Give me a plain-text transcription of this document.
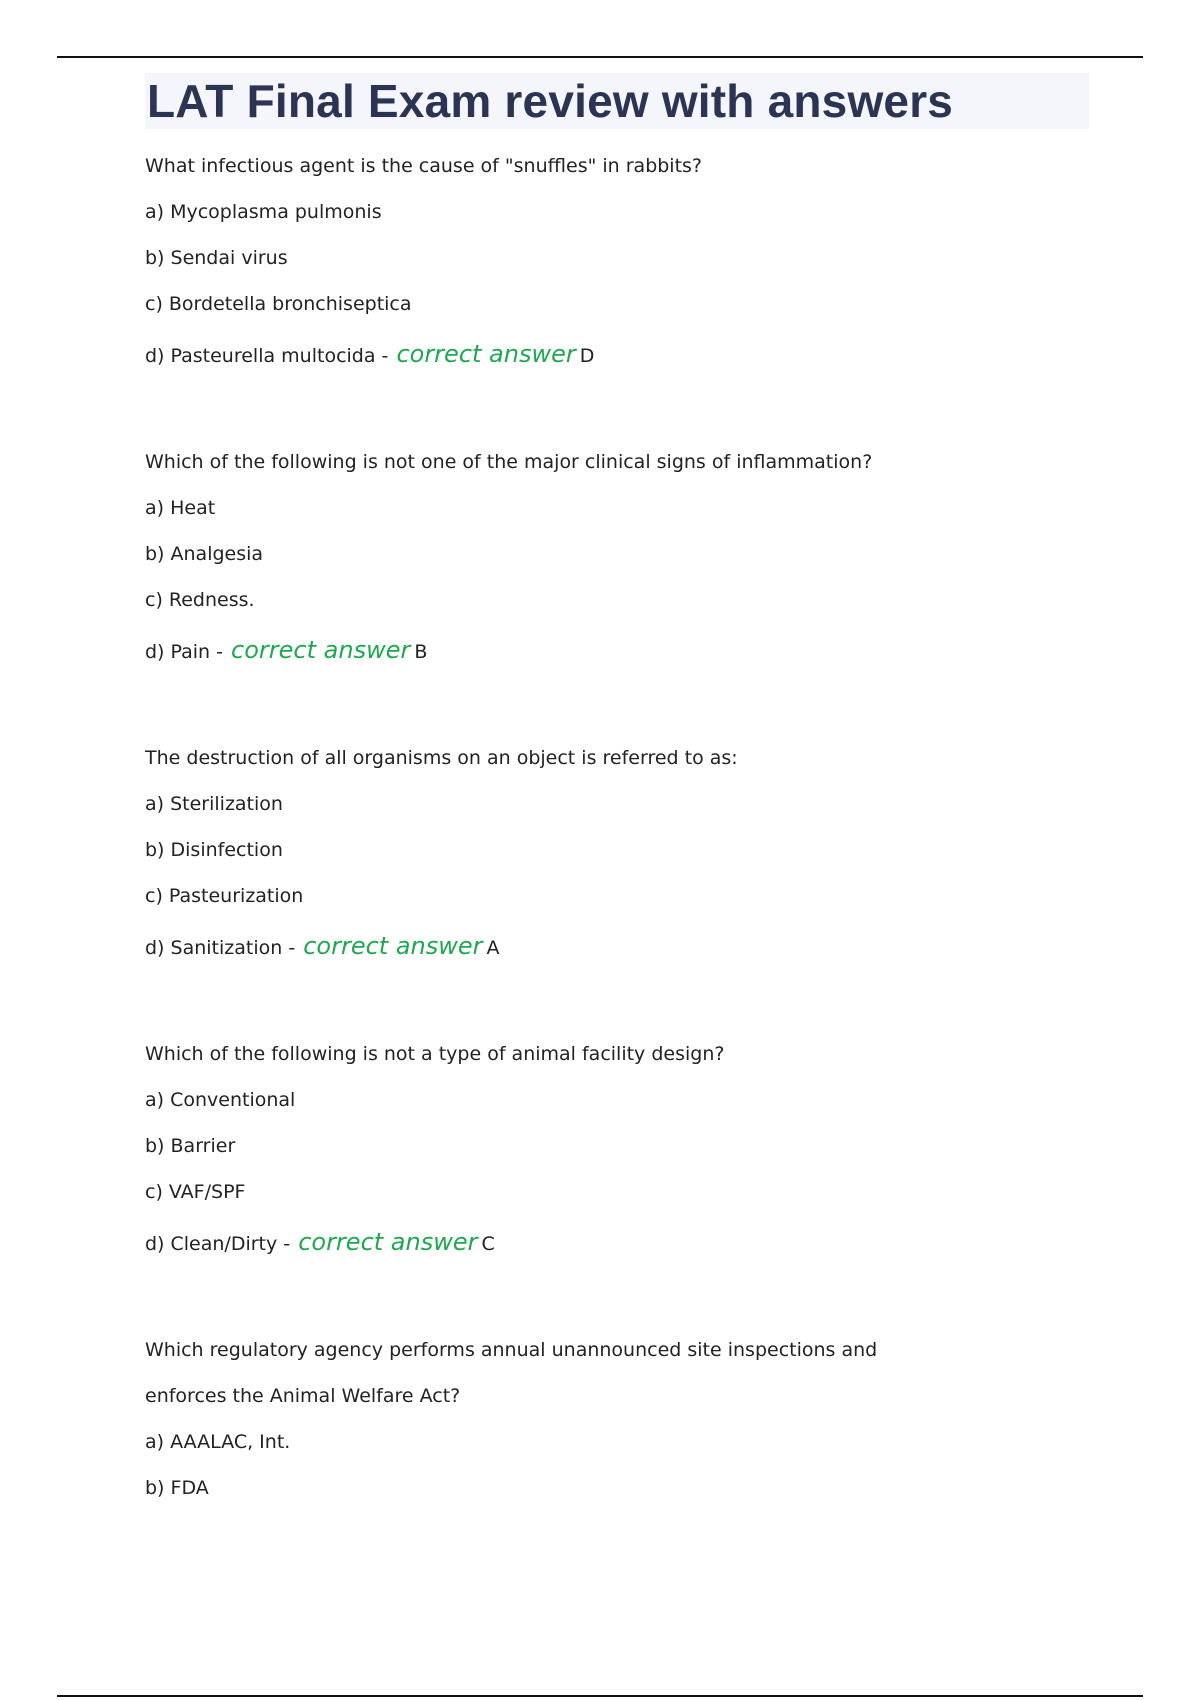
LAT Final Exam review with answers
What infectious agent is the cause of "snuffles" in rabbits?
a) Mycoplasma pulmonis
b) Sendai virus
c) Bordetella bronchiseptica
d) Pasteurella multocida - correct answer D
Which of the following is not one of the major clinical signs of inflammation?
a) Heat
b) Analgesia
c) Redness.
d) Pain - correct answer B
The destruction of all organisms on an object is referred to as:
a) Sterilization
b) Disinfection
c) Pasteurization
d) Sanitization - correct answer A
Which of the following is not a type of animal facility design?
a) Conventional
b) Barrier
c) VAF/SPF
d) Clean/Dirty - correct answer C
Which regulatory agency performs annual unannounced site inspections and
enforces the Animal Welfare Act?
a) AAALAC, Int.
b) FDA
